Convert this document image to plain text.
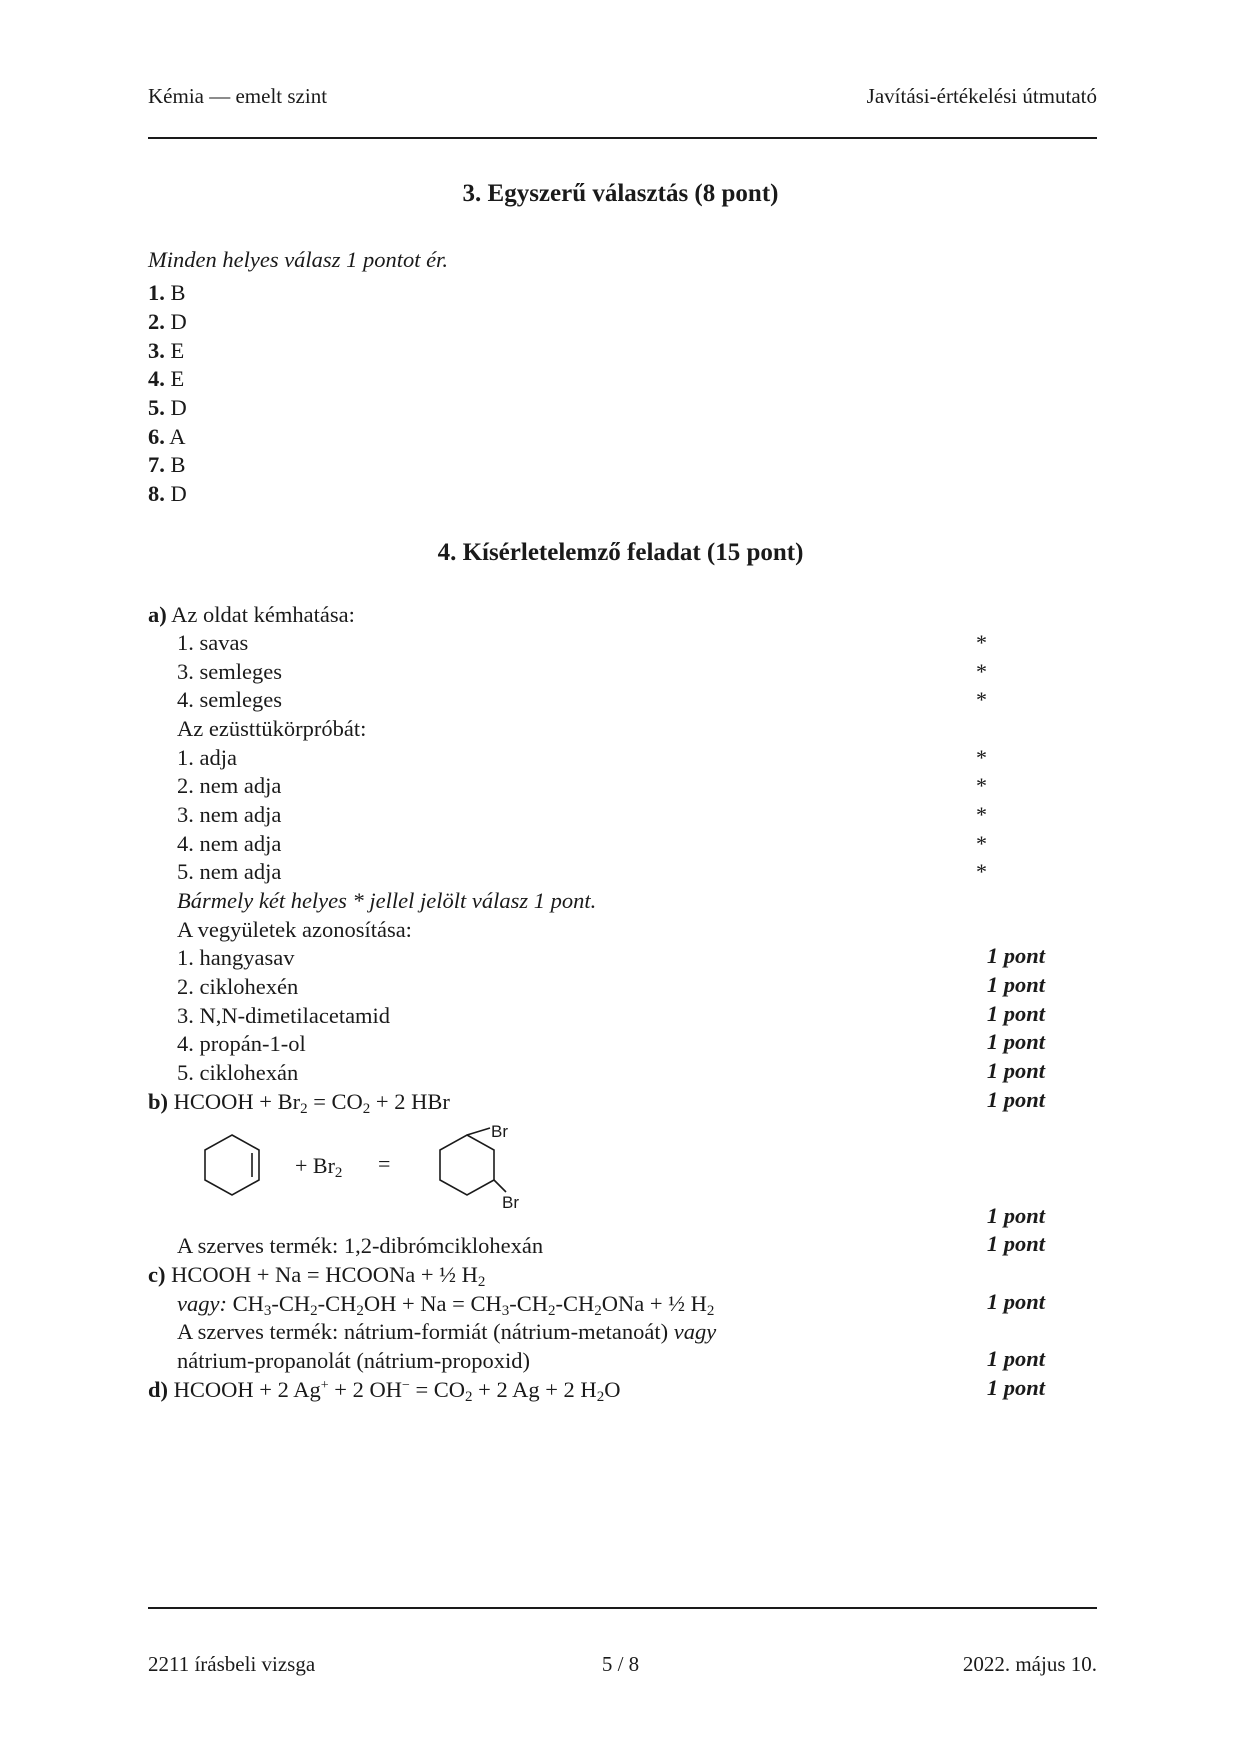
Kémia — emelt szint	Javítási-értékelési útmutató
3. Egyszerű választás (8 pont)
Minden helyes válasz 1 pontot ér.
1. B
2. D
3. E
4. E
5. D
6. A
7. B
8. D
4. Kísérletelemző feladat (15 pont)
a) Az oldat kémhatása:
1. savas	*
3. semleges	*
4. semleges	*
Az ezüsttükörpróbát:
1. adja	*
2. nem adja	*
3. nem adja	*
4. nem adja	*
5. nem adja	*
Bármely két helyes * jellel jelölt válasz 1 pont.
A vegyületek azonosítása:
1. hangyasav	1 pont
2. ciklohexén	1 pont
3. N,N-dimetilacetamid	1 pont
4. propán-1-ol	1 pont
5. ciklohexán	1 pont
b) HCOOH + Br2 = CO2 + 2 HBr	1 pont
+ Br2 =
Br
Br
1 pont
A szerves termék: 1,2-dibrómciklohexán	1 pont
c) HCOOH + Na = HCOONa + ½ H2
vagy: CH3-CH2-CH2OH + Na = CH3-CH2-CH2ONa + ½ H2	1 pont
A szerves termék: nátrium-formiát (nátrium-metanoát) vagy
nátrium-propanolát (nátrium-propoxid)	1 pont
d) HCOOH + 2 Ag+ + 2 OH− = CO2 + 2 Ag + 2 H2O	1 pont
2211 írásbeli vizsga	5 / 8	2022. május 10.
